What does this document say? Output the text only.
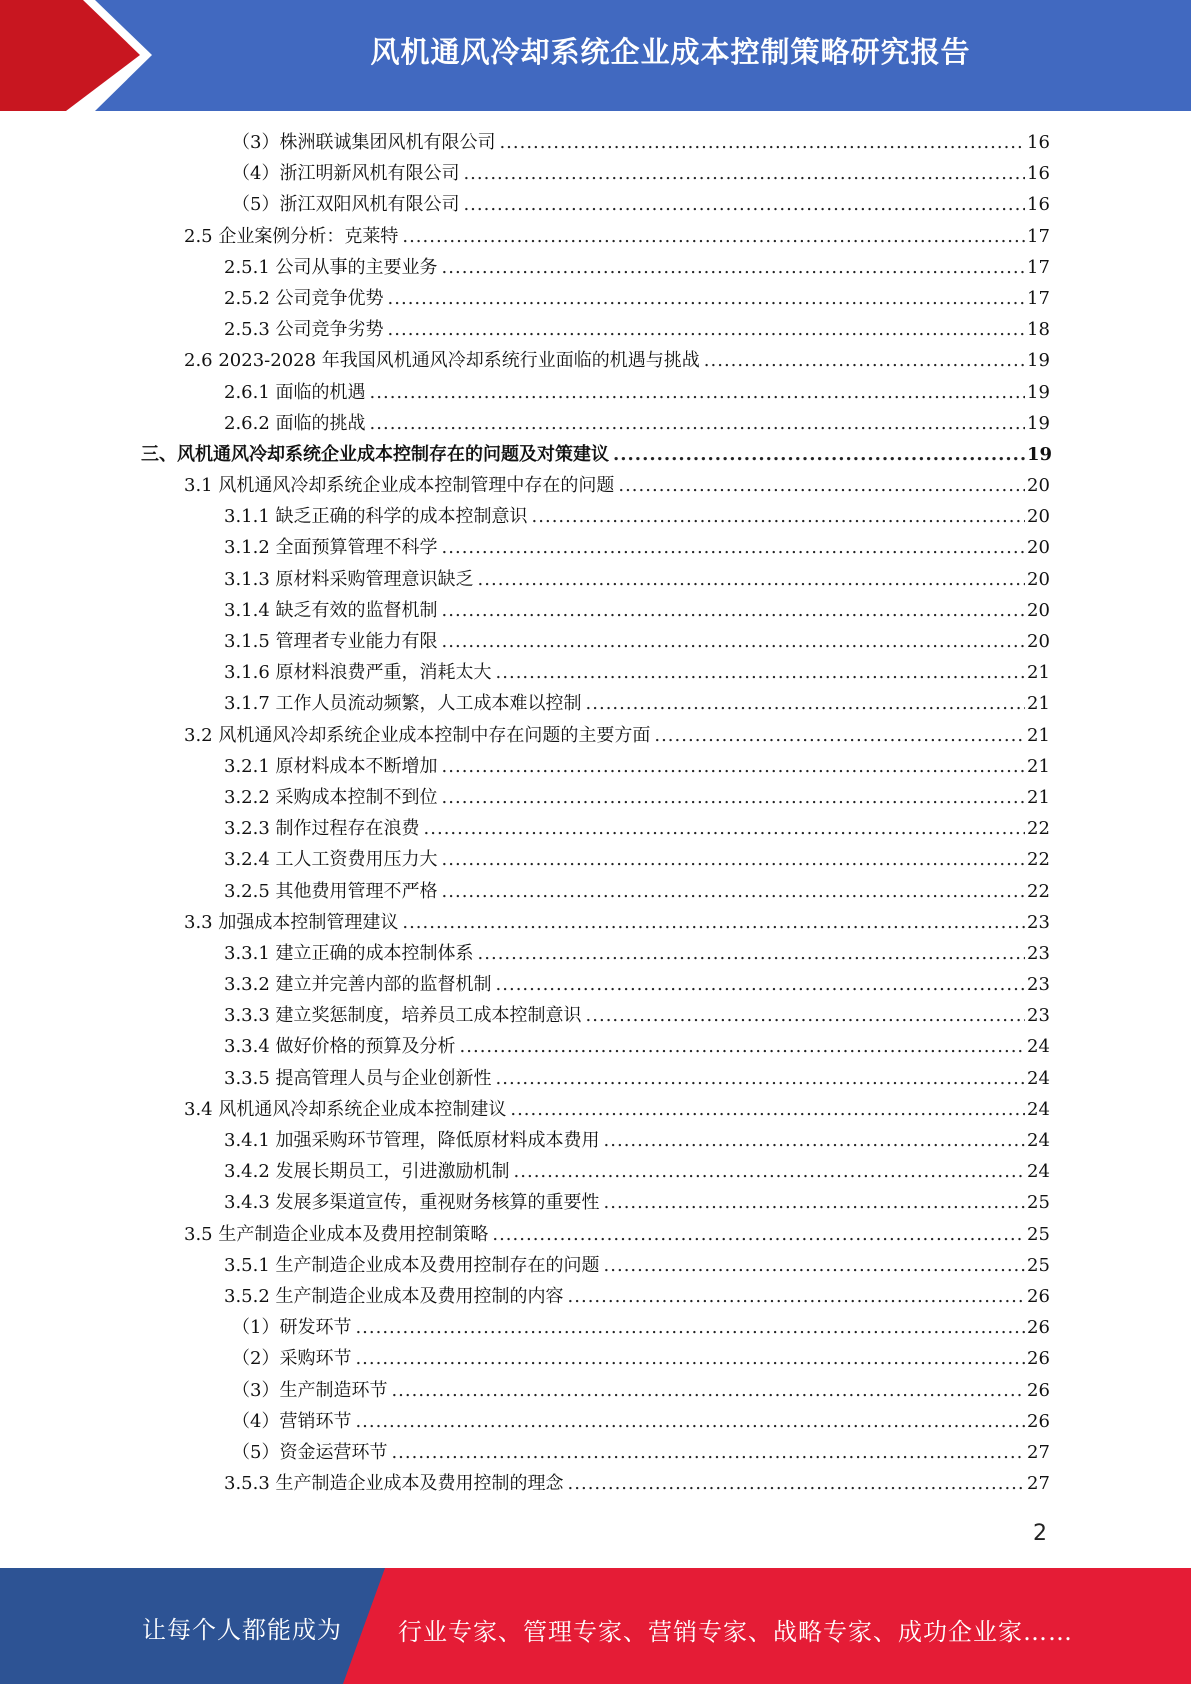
风机通风冷却系统企业成本控制策略研究报告
（3）株洲联诚集团风机有限公司 .....	16
（4）浙江明新风机有限公司 .....	16
（5）浙江双阳风机有限公司 .....	16
2.5 企业案例分析：克莱特 .....	17
2.5.1 公司从事的主要业务 .....	17
2.5.2 公司竞争优势 .....	17
2.5.3 公司竞争劣势 .....	18
2.6 2023-2028 年我国风机通风冷却系统行业面临的机遇与挑战 .....	19
2.6.1 面临的机遇 .....	19
2.6.2 面临的挑战 .....	19
三、风机通风冷却系统企业成本控制存在的问题及对策建议 .....	19
3.1 风机通风冷却系统企业成本控制管理中存在的问题 .....	20
3.1.1 缺乏正确的科学的成本控制意识 .....	20
3.1.2 全面预算管理不科学 .....	20
3.1.3 原材料采购管理意识缺乏 .....	20
3.1.4 缺乏有效的监督机制 .....	20
3.1.5 管理者专业能力有限 .....	20
3.1.6 原材料浪费严重，消耗太大 .....	21
3.1.7 工作人员流动频繁，人工成本难以控制 .....	21
3.2 风机通风冷却系统企业成本控制中存在问题的主要方面 .....	21
3.2.1 原材料成本不断增加 .....	21
3.2.2 采购成本控制不到位 .....	21
3.2.3 制作过程存在浪费 .....	22
3.2.4 工人工资费用压力大 .....	22
3.2.5 其他费用管理不严格 .....	22
3.3 加强成本控制管理建议 .....	23
3.3.1 建立正确的成本控制体系 .....	23
3.3.2 建立并完善内部的监督机制 .....	23
3.3.3 建立奖惩制度，培养员工成本控制意识 .....	23
3.3.4 做好价格的预算及分析 .....	24
3.3.5 提高管理人员与企业创新性 .....	24
3.4 风机通风冷却系统企业成本控制建议 .....	24
3.4.1 加强采购环节管理，降低原材料成本费用 .....	24
3.4.2 发展长期员工，引进激励机制 .....	24
3.4.3 发展多渠道宣传，重视财务核算的重要性 .....	25
3.5 生产制造企业成本及费用控制策略 .....	25
3.5.1 生产制造企业成本及费用控制存在的问题 .....	25
3.5.2 生产制造企业成本及费用控制的内容 .....	26
（1）研发环节 .....	26
（2）采购环节 .....	26
（3）生产制造环节 .....	26
（4）营销环节 .....	26
（5）资金运营环节 .....	27
3.5.3 生产制造企业成本及费用控制的理念 .....	27
2
让每个人都能成为 行业专家、管理专家、营销专家、战略专家、成功企业家……
